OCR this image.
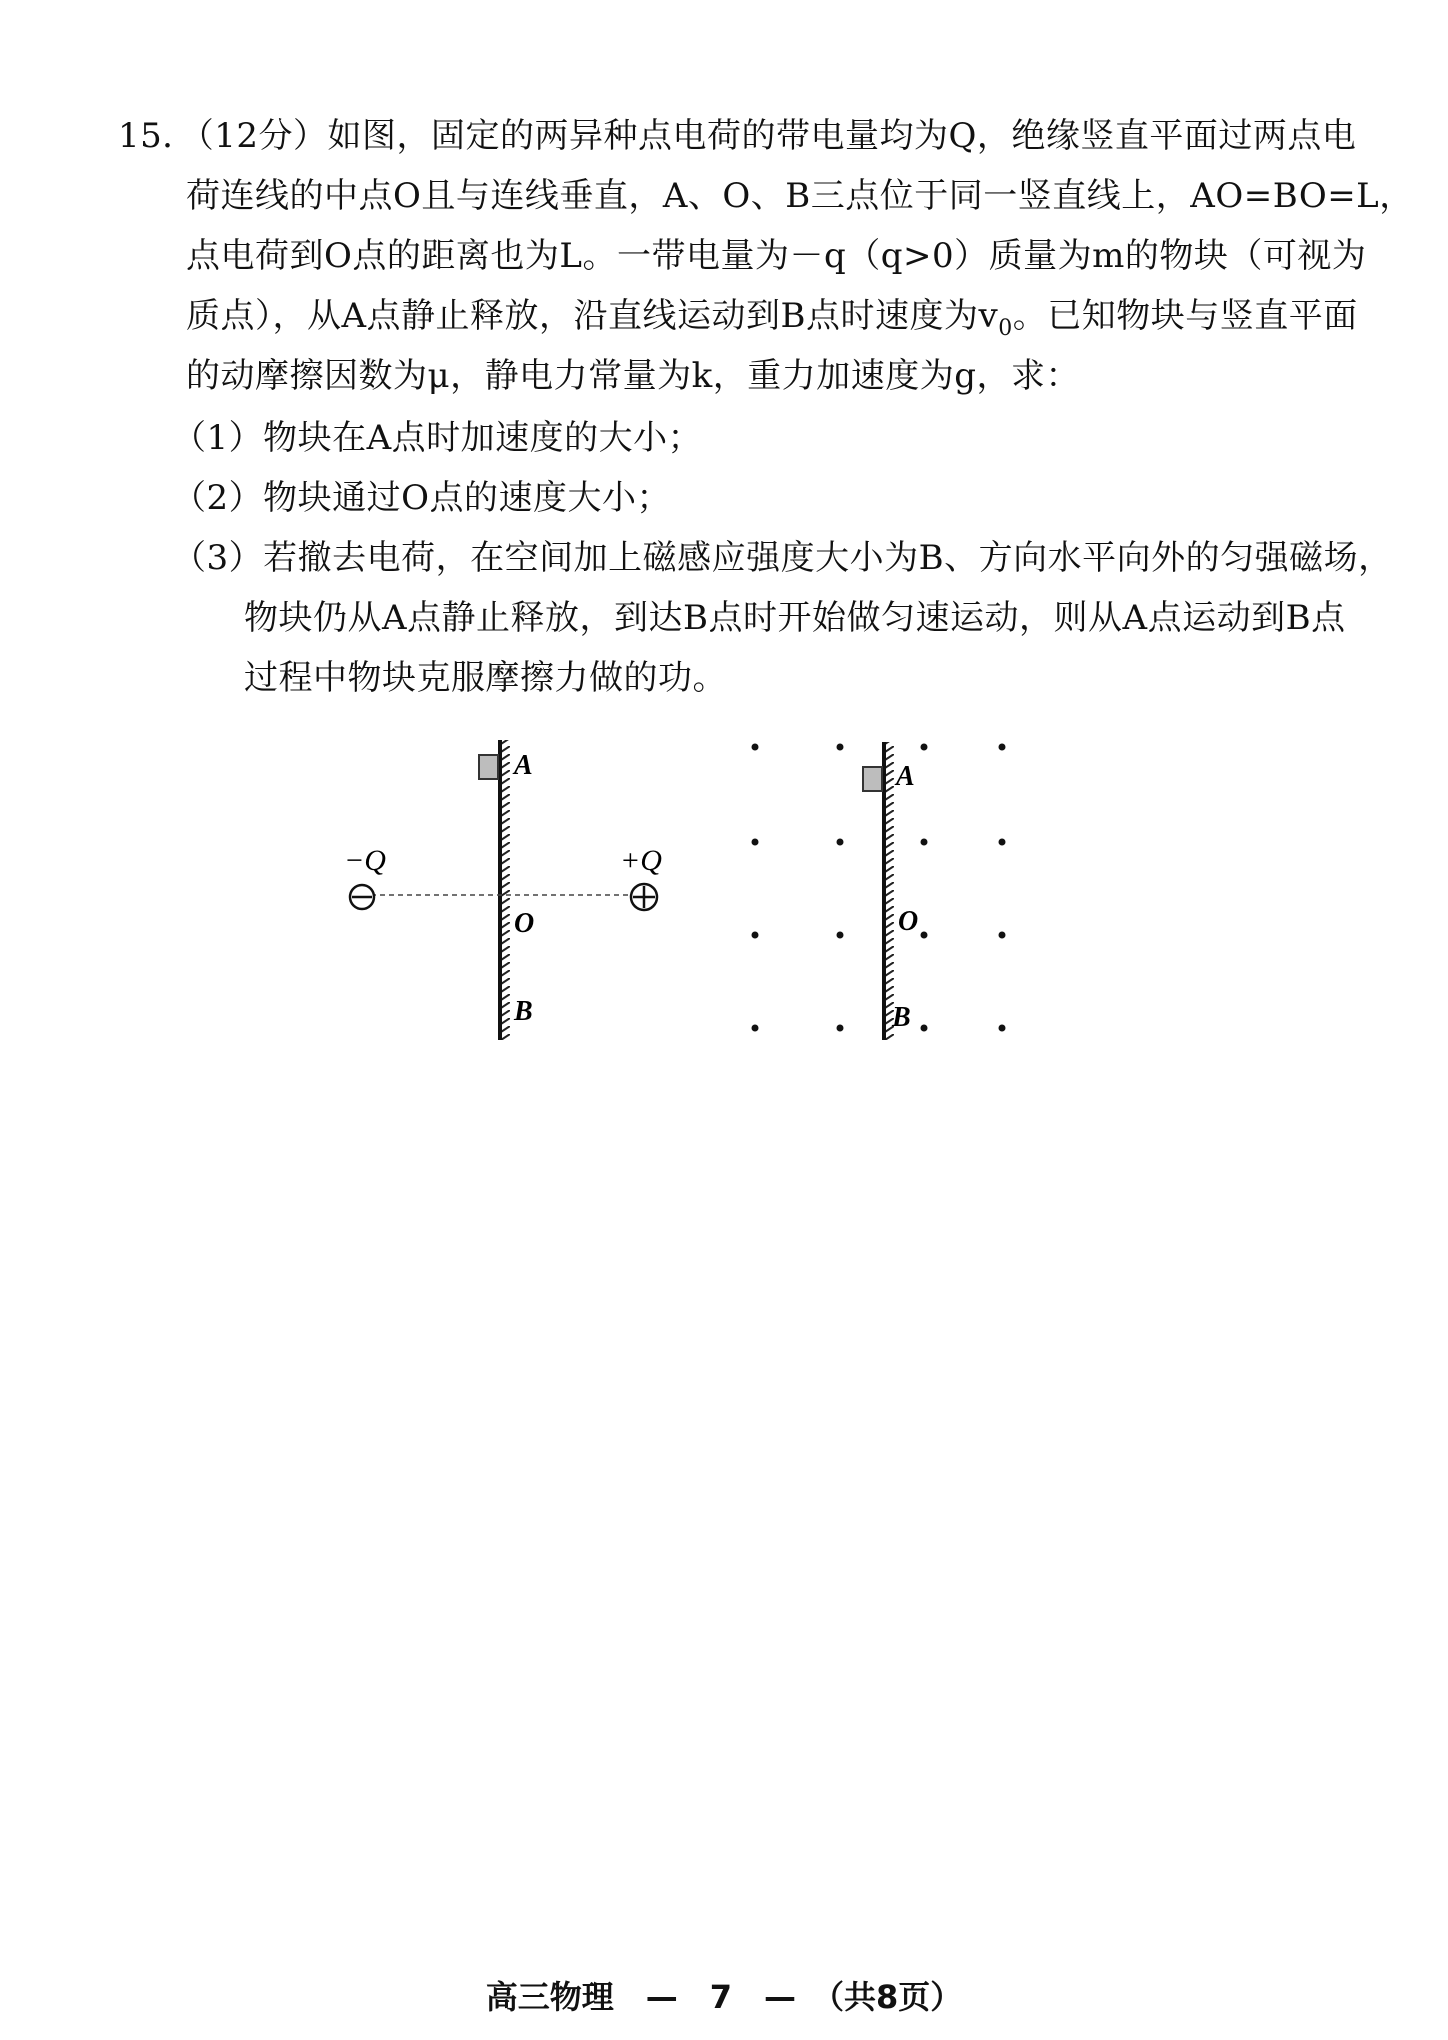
15．（12分）如图，固定的两异种点电荷的带电量均为Q，绝缘竖直平面过两点电
荷连线的中点O且与连线垂直，A、O、B三点位于同一竖直线上，AO=BO=L，
点电荷到O点的距离也为L。一带电量为－q（q>0）质量为m的物块（可视为
质点），从A点静止释放，沿直线运动到B点时速度为$v_0$。已知物块与竖直平面
的动摩擦因数为μ，静电力常量为k，重力加速度为g，求：
（1）物块在A点时加速度的大小；
（2）物块通过O点的速度大小；
（3）若撤去电荷，在空间加上磁感应强度大小为B、方向水平向外的匀强磁场，
物块仍从A点静止释放，到达B点时开始做匀速运动，则从A点运动到B点
过程中物块克服摩擦力做的功。
A
O
B
−Q	+Q
A
O
B
高三物理　—　7　—　（共8页）
